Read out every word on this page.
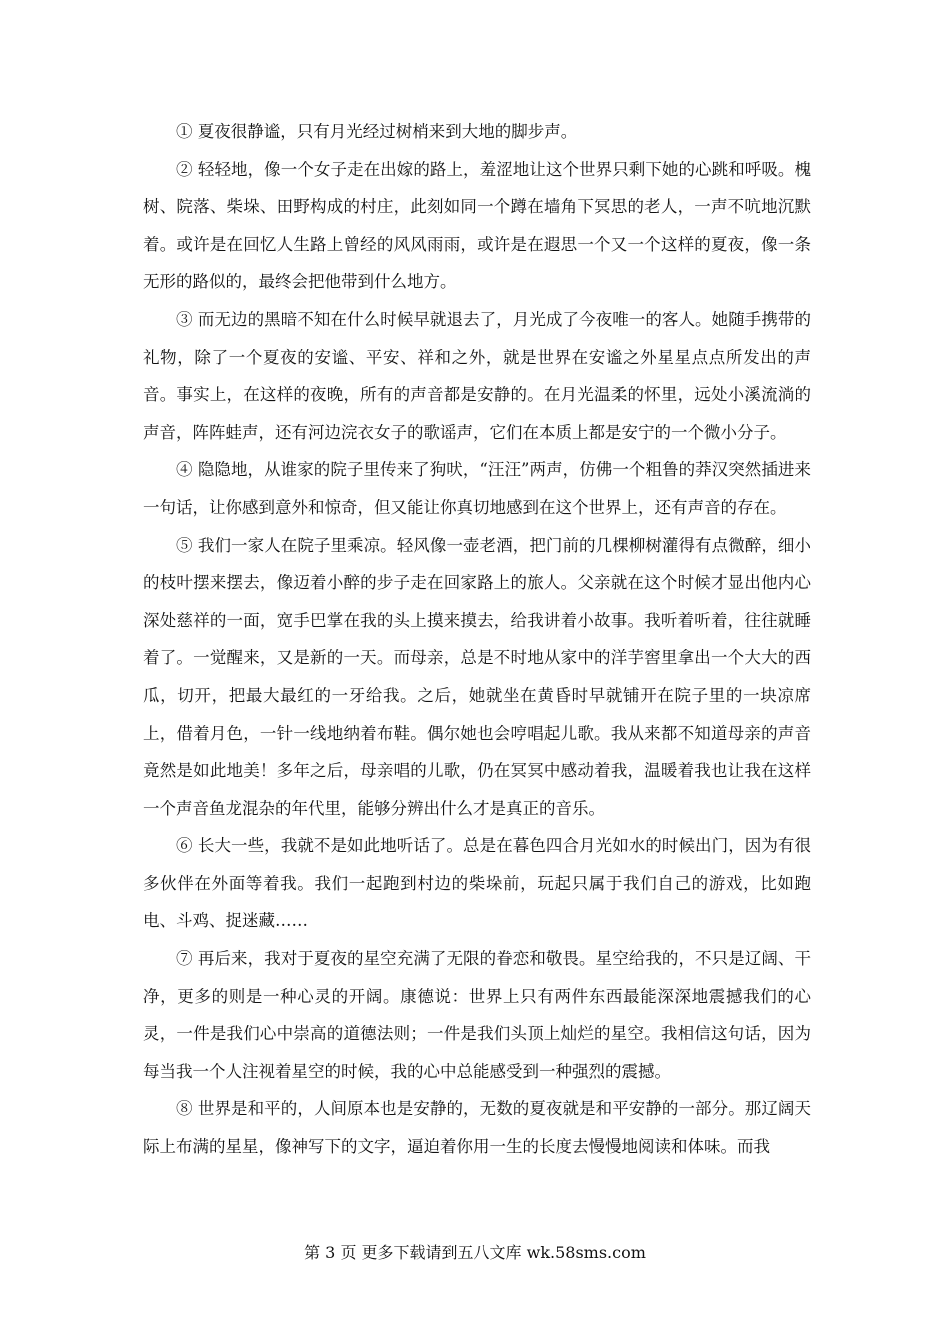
① 夏夜很静谧，只有月光经过树梢来到大地的脚步声。

② 轻轻地，像一个女子走在出嫁的路上，羞涩地让这个世界只剩下她的心跳和呼吸。槐树、院落、柴垛、田野构成的村庄，此刻如同一个蹲在墙角下冥思的老人，一声不吭地沉默着。或许是在回忆人生路上曾经的风风雨雨，或许是在遐思一个又一个这样的夏夜，像一条无形的路似的，最终会把他带到什么地方。

③ 而无边的黑暗不知在什么时候早就退去了，月光成了今夜唯一的客人。她随手携带的礼物，除了一个夏夜的安谧、平安、祥和之外，就是世界在安谧之外星星点点所发出的声音。事实上，在这样的夜晚，所有的声音都是安静的。在月光温柔的怀里，远处小溪流淌的声音，阵阵蛙声，还有河边浣衣女子的歌谣声，它们在本质上都是安宁的一个微小分子。

④ 隐隐地，从谁家的院子里传来了狗吠，“汪汪”两声，仿佛一个粗鲁的莽汉突然插进来一句话，让你感到意外和惊奇，但又能让你真切地感到在这个世界上，还有声音的存在。

⑤ 我们一家人在院子里乘凉。轻风像一壶老酒，把门前的几棵柳树灌得有点微醉，细小的枝叶摆来摆去，像迈着小醉的步子走在回家路上的旅人。父亲就在这个时候才显出他内心深处慈祥的一面，宽手巴掌在我的头上摸来摸去，给我讲着小故事。我听着听着，往往就睡着了。一觉醒来，又是新的一天。而母亲，总是不时地从家中的洋芋窖里拿出一个大大的西瓜，切开，把最大最红的一牙给我。之后，她就坐在黄昏时早就铺开在院子里的一块凉席上，借着月色，一针一线地纳着布鞋。偶尔她也会哼唱起儿歌。我从来都不知道母亲的声音竟然是如此地美！多年之后，母亲唱的儿歌，仍在冥冥中感动着我，温暖着我也让我在这样一个声音鱼龙混杂的年代里，能够分辨出什么才是真正的音乐。

⑥ 长大一些，我就不是如此地听话了。总是在暮色四合月光如水的时候出门，因为有很多伙伴在外面等着我。我们一起跑到村边的柴垛前，玩起只属于我们自己的游戏，比如跑电、斗鸡、捉迷藏……

⑦ 再后来，我对于夏夜的星空充满了无限的眷恋和敬畏。星空给我的，不只是辽阔、干净，更多的则是一种心灵的开阔。康德说：世界上只有两件东西最能深深地震撼我们的心灵，一件是我们心中崇高的道德法则；一件是我们头顶上灿烂的星空。我相信这句话，因为每当我一个人注视着星空的时候，我的心中总能感受到一种强烈的震撼。

⑧ 世界是和平的，人间原本也是安静的，无数的夏夜就是和平安静的一部分。那辽阔天际上布满的星星，像神写下的文字，逼迫着你用一生的长度去慢慢地阅读和体味。而我

第 3 页 更多下载请到五八文库 wk.58sms.com
